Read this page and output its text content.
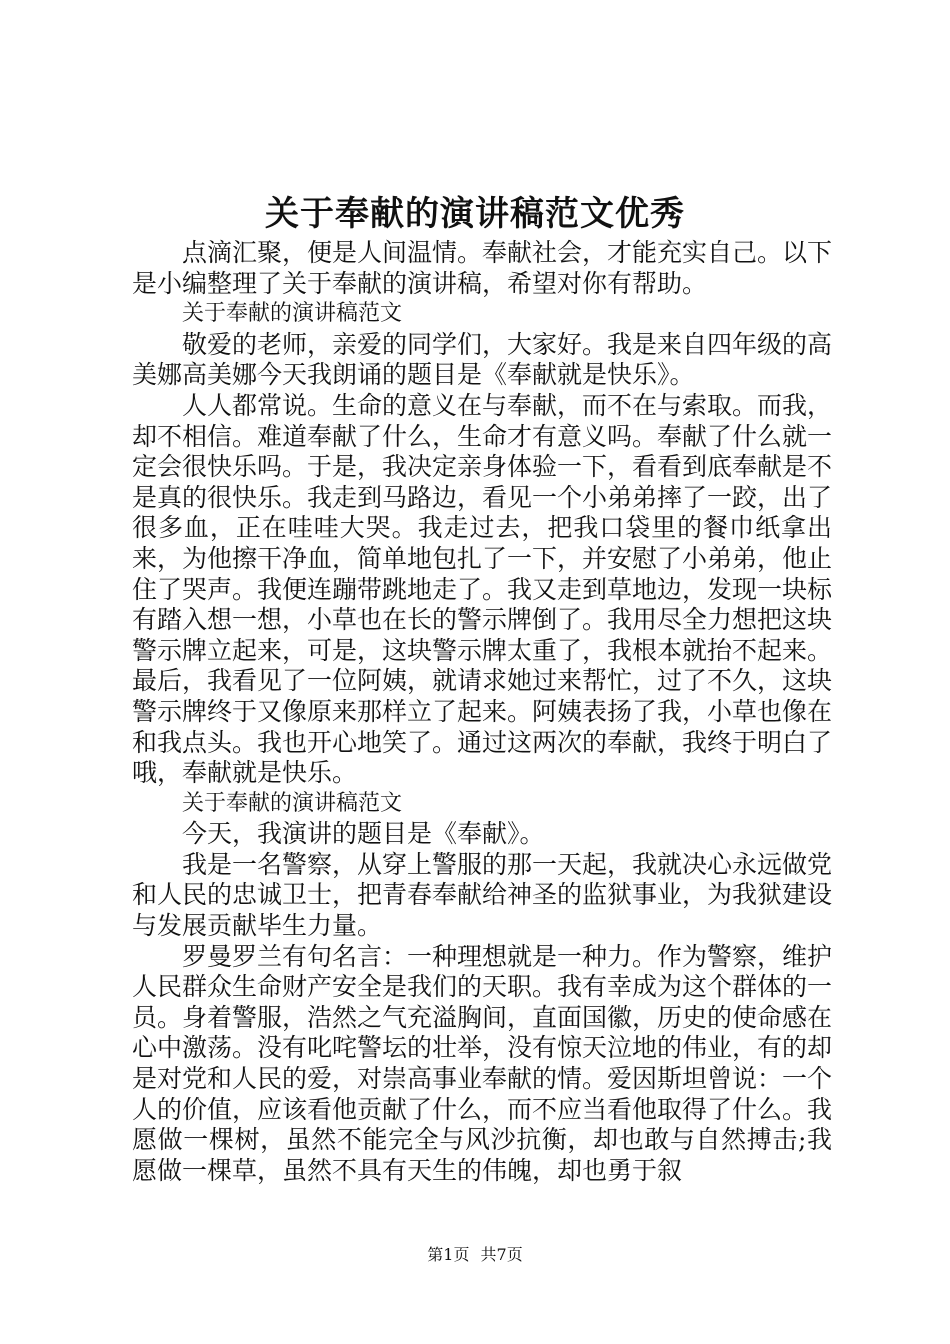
关于奉献的演讲稿范文优秀

点滴汇聚，便是人间温情。奉献社会，才能充实自己。以下是小编整理了关于奉献的演讲稿，希望对你有帮助。

关于奉献的演讲稿范文

敬爱的老师，亲爱的同学们，大家好。我是来自四年级的高美娜高美娜今天我朗诵的题目是《奉献就是快乐》。

人人都常说。生命的意义在与奉献，而不在与索取。而我，却不相信。难道奉献了什么，生命才有意义吗。奉献了什么就一定会很快乐吗。于是，我决定亲身体验一下，看看到底奉献是不是真的很快乐。我走到马路边，看见一个小弟弟摔了一跤，出了很多血，正在哇哇大哭。我走过去，把我口袋里的餐巾纸拿出来，为他擦干净血，简单地包扎了一下，并安慰了小弟弟，他止住了哭声。我便连蹦带跳地走了。我又走到草地边，发现一块标有踏入想一想，小草也在长的警示牌倒了。我用尽全力想把这块警示牌立起来，可是，这块警示牌太重了，我根本就抬不起来。最后，我看见了一位阿姨，就请求她过来帮忙，过了不久，这块警示牌终于又像原来那样立了起来。阿姨表扬了我，小草也像在和我点头。我也开心地笑了。通过这两次的奉献，我终于明白了哦，奉献就是快乐。

关于奉献的演讲稿范文

今天，我演讲的题目是《奉献》。

我是一名警察，从穿上警服的那一天起，我就决心永远做党和人民的忠诚卫士，把青春奉献给神圣的监狱事业，为我狱建设与发展贡献毕生力量。

罗曼罗兰有句名言：一种理想就是一种力。作为警察，维护人民群众生命财产安全是我们的天职。我有幸成为这个群体的一员。身着警服，浩然之气充溢胸间，直面国徽，历史的使命感在心中激荡。没有叱咤警坛的壮举，没有惊天泣地的伟业，有的却是对党和人民的爱，对崇高事业奉献的情。爱因斯坦曾说：一个人的价值，应该看他贡献了什么，而不应当看他取得了什么。我愿做一棵树，虽然不能完全与风沙抗衡，却也敢与自然搏击;我愿做一棵草，虽然不具有天生的伟魄，却也勇于叙

第1页 共7页
